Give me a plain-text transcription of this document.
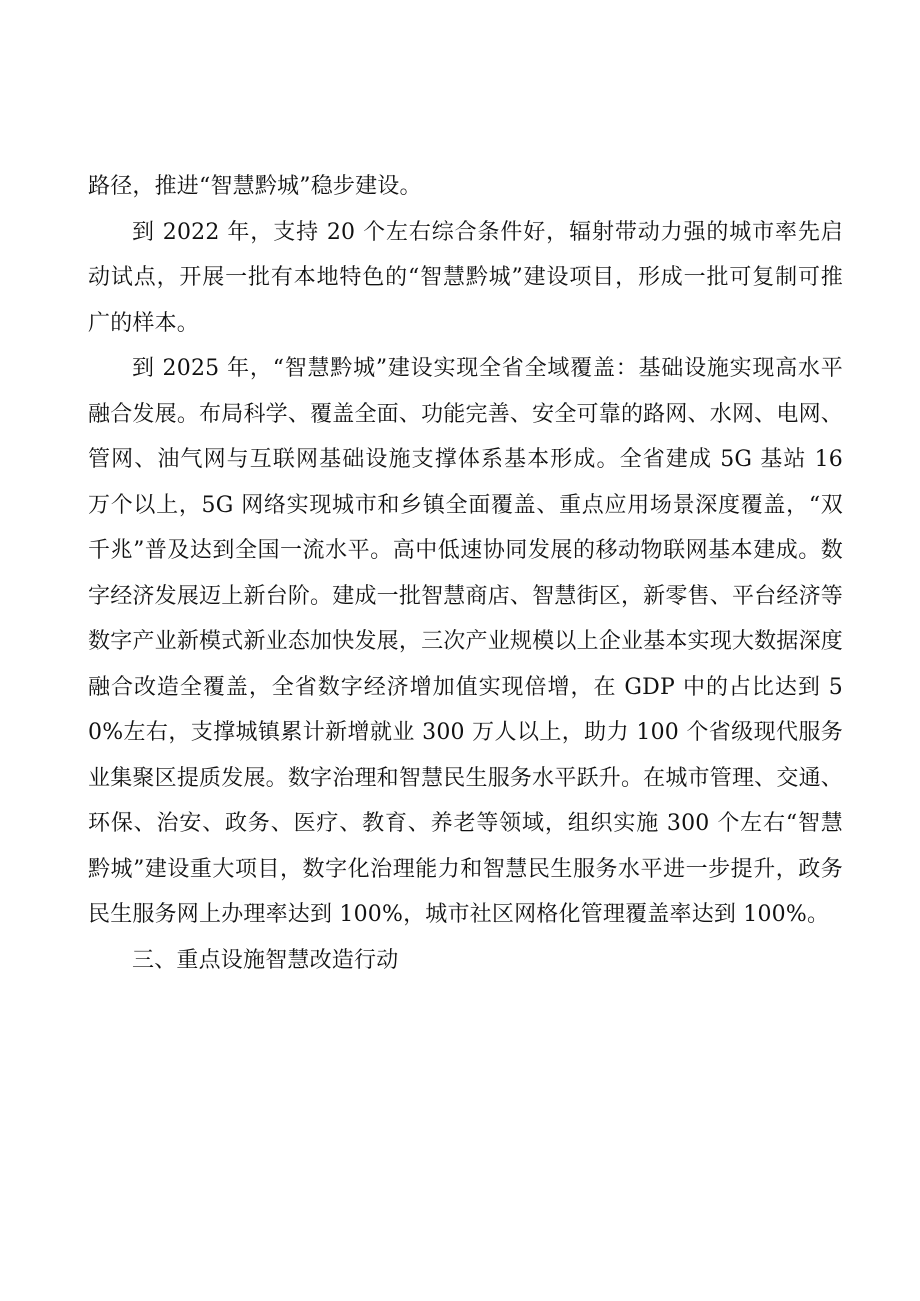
路径，推进“智慧黔城”稳步建设。

到 2022 年，支持 20 个左右综合条件好，辐射带动力强的城市率先启动试点，开展一批有本地特色的“智慧黔城”建设项目，形成一批可复制可推广的样本。

到 2025 年，“智慧黔城”建设实现全省全域覆盖：基础设施实现高水平融合发展。布局科学、覆盖全面、功能完善、安全可靠的路网、水网、电网、管网、油气网与互联网基础设施支撑体系基本形成。全省建成 5G 基站 16 万个以上，5G 网络实现城市和乡镇全面覆盖、重点应用场景深度覆盖，“双千兆”普及达到全国一流水平。高中低速协同发展的移动物联网基本建成。数字经济发展迈上新台阶。建成一批智慧商店、智慧街区，新零售、平台经济等数字产业新模式新业态加快发展，三次产业规模以上企业基本实现大数据深度融合改造全覆盖，全省数字经济增加值实现倍增，在 GDP 中的占比达到 50%左右，支撑城镇累计新增就业 300 万人以上，助力 100 个省级现代服务业集聚区提质发展。数字治理和智慧民生服务水平跃升。在城市管理、交通、环保、治安、政务、医疗、教育、养老等领域，组织实施 300 个左右“智慧黔城”建设重大项目，数字化治理能力和智慧民生服务水平进一步提升，政务民生服务网上办理率达到 100%，城市社区网格化管理覆盖率达到 100%。

三、重点设施智慧改造行动
